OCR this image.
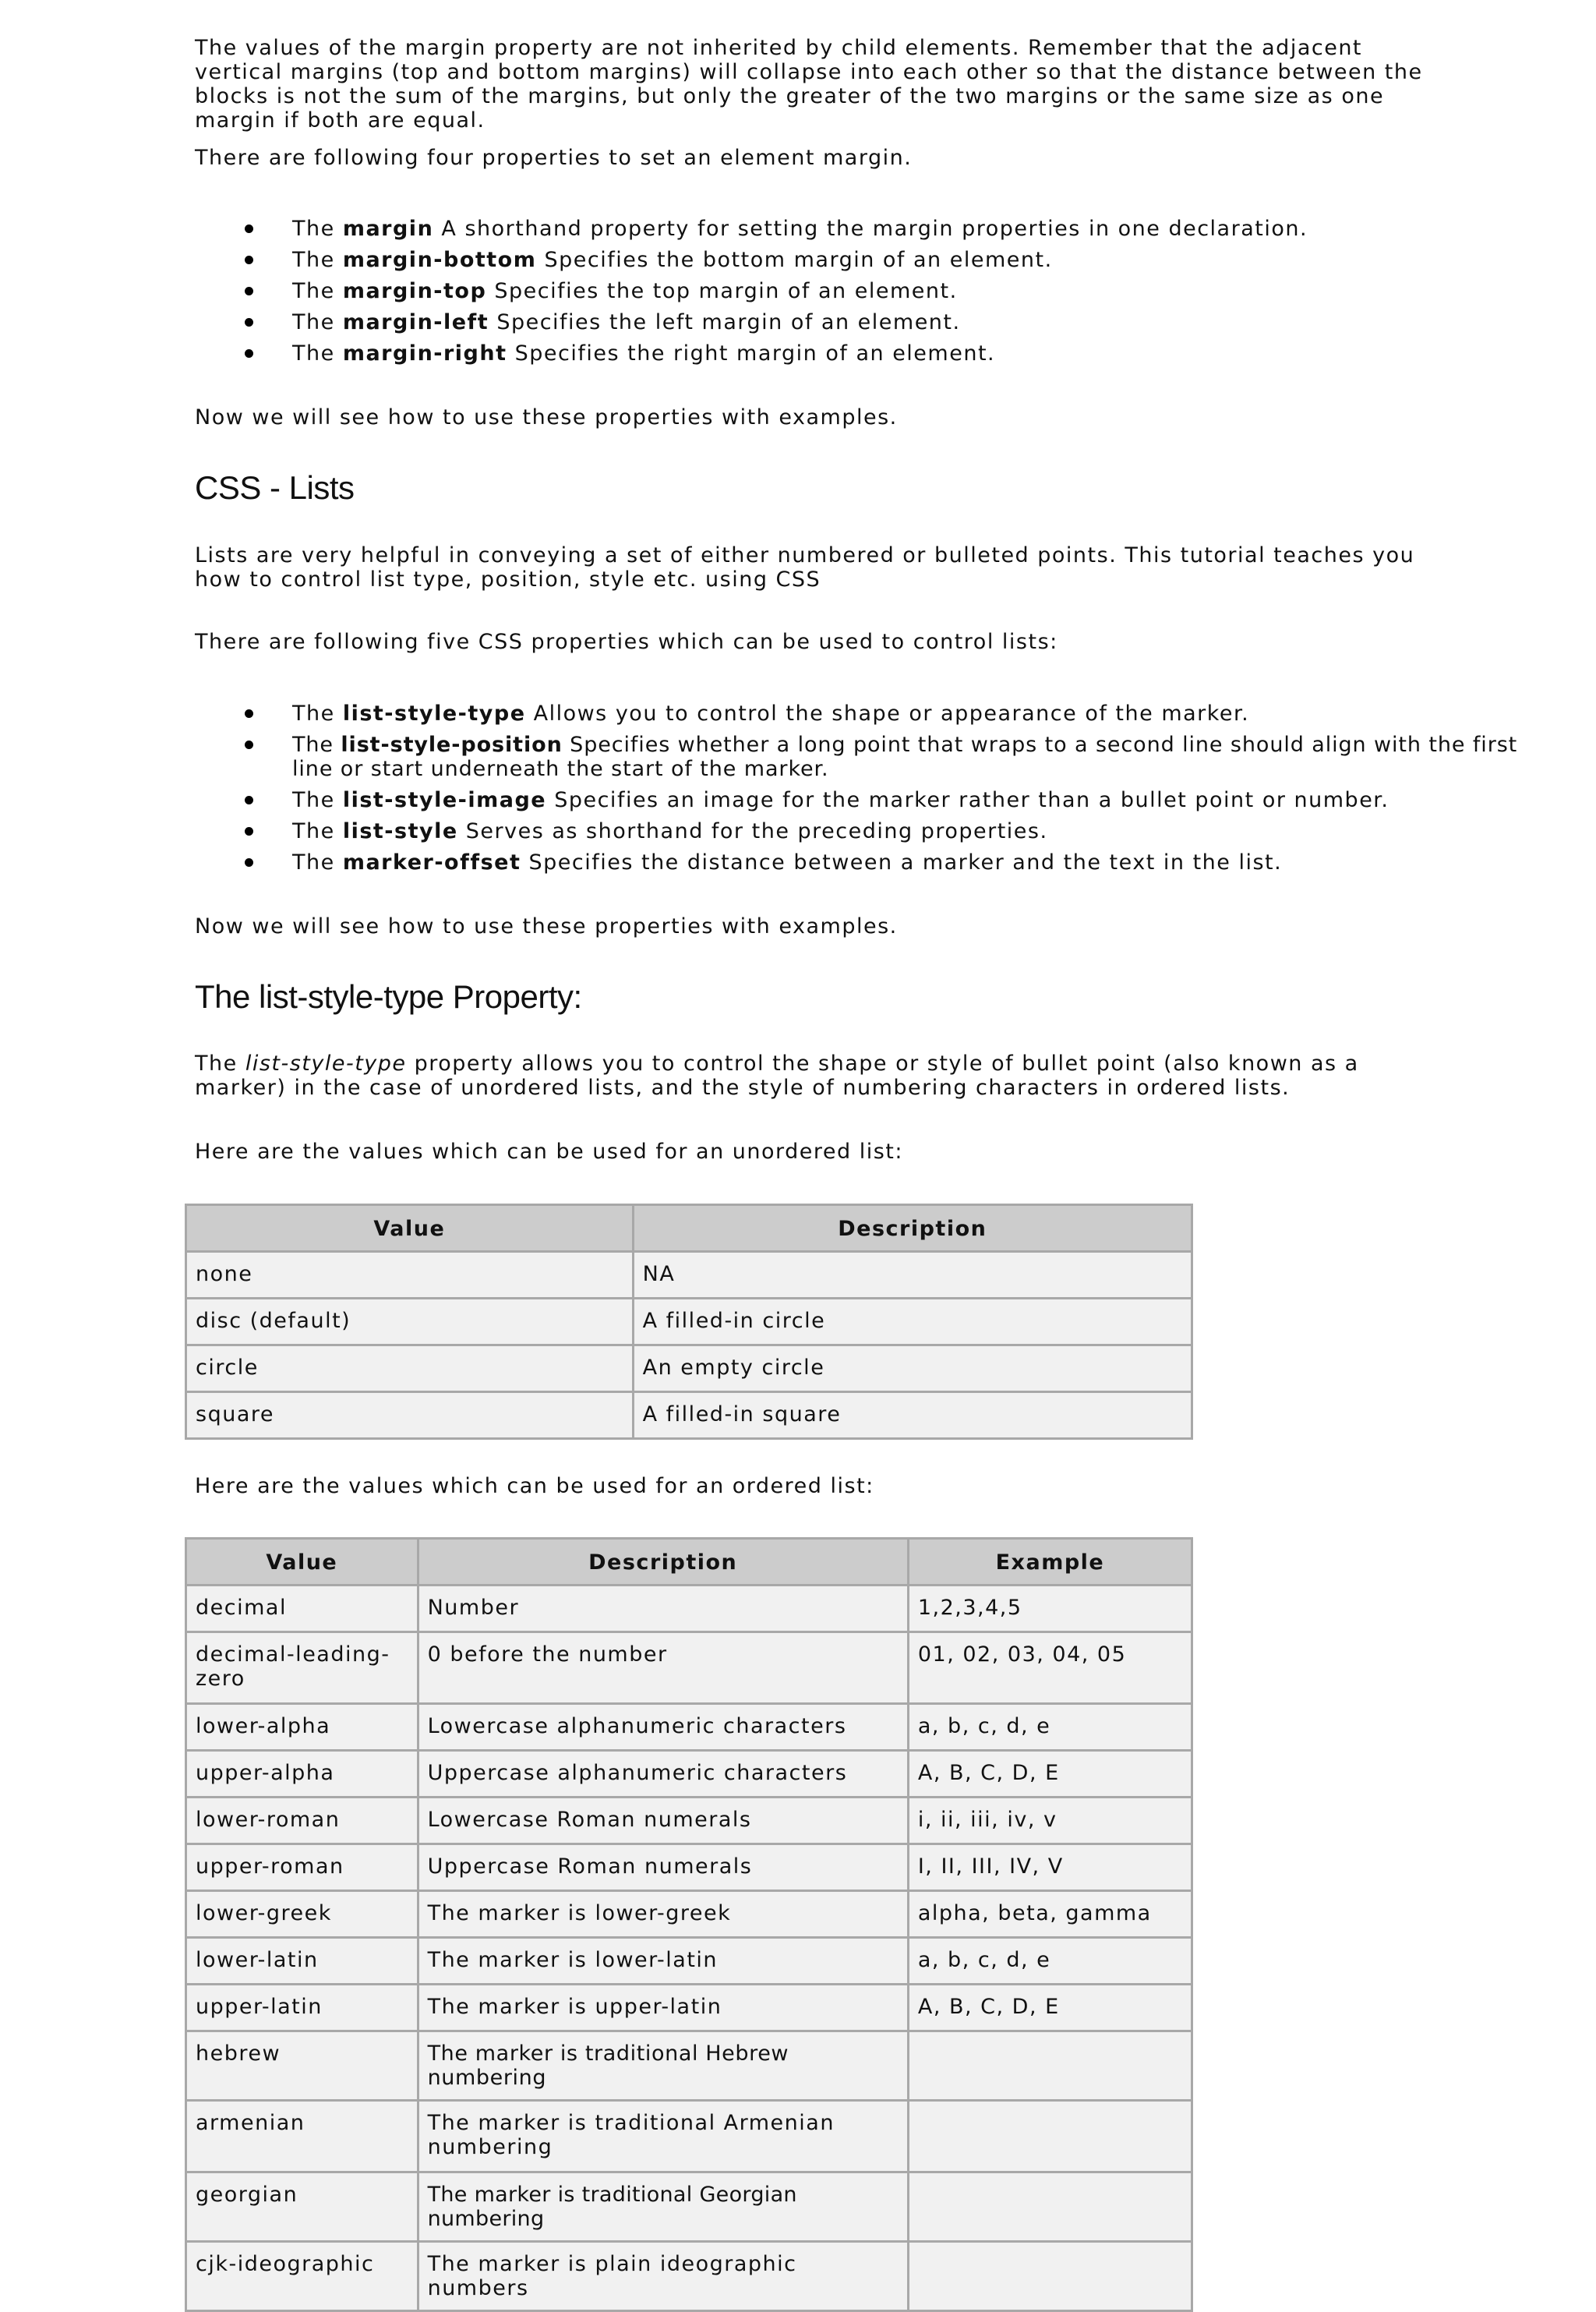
The values of the margin property are not inherited by child elements. Remember that the adjacent vertical margins (top and bottom margins) will collapse into each other so that the distance between the blocks is not the sum of the margins, but only the greater of the two margins or the same size as one margin if both are equal.

There are following four properties to set an element margin.

The margin A shorthand property for setting the margin properties in one declaration.
The margin-bottom Specifies the bottom margin of an element.
The margin-top Specifies the top margin of an element.
The margin-left Specifies the left margin of an element.
The margin-right Specifies the right margin of an element.

Now we will see how to use these properties with examples.

CSS - Lists

Lists are very helpful in conveying a set of either numbered or bulleted points. This tutorial teaches you how to control list type, position, style etc. using CSS

There are following five CSS properties which can be used to control lists:

The list-style-type Allows you to control the shape or appearance of the marker.
The list-style-position Specifies whether a long point that wraps to a second line should align with the first line or start underneath the start of the marker.
The list-style-image Specifies an image for the marker rather than a bullet point or number.
The list-style Serves as shorthand for the preceding properties.
The marker-offset Specifies the distance between a marker and the text in the list.

Now we will see how to use these properties with examples.

The list-style-type Property:

The list-style-type property allows you to control the shape or style of bullet point (also known as a marker) in the case of unordered lists, and the style of numbering characters in ordered lists.

Here are the values which can be used for an unordered list:

Value	Description
none	NA
disc (default)	A filled-in circle
circle	An empty circle
square	A filled-in square

Here are the values which can be used for an ordered list:

Value	Description	Example
decimal	Number	1,2,3,4,5
decimal-leading-zero	0 before the number	01, 02, 03, 04, 05
lower-alpha	Lowercase alphanumeric characters	a, b, c, d, e
upper-alpha	Uppercase alphanumeric characters	A, B, C, D, E
lower-roman	Lowercase Roman numerals	i, ii, iii, iv, v
upper-roman	Uppercase Roman numerals	I, II, III, IV, V
lower-greek	The marker is lower-greek	alpha, beta, gamma
lower-latin	The marker is lower-latin	a, b, c, d, e
upper-latin	The marker is upper-latin	A, B, C, D, E
hebrew	The marker is traditional Hebrew numbering	
armenian	The marker is traditional Armenian numbering	
georgian	The marker is traditional Georgian numbering	
cjk-ideographic	The marker is plain ideographic numbers	
